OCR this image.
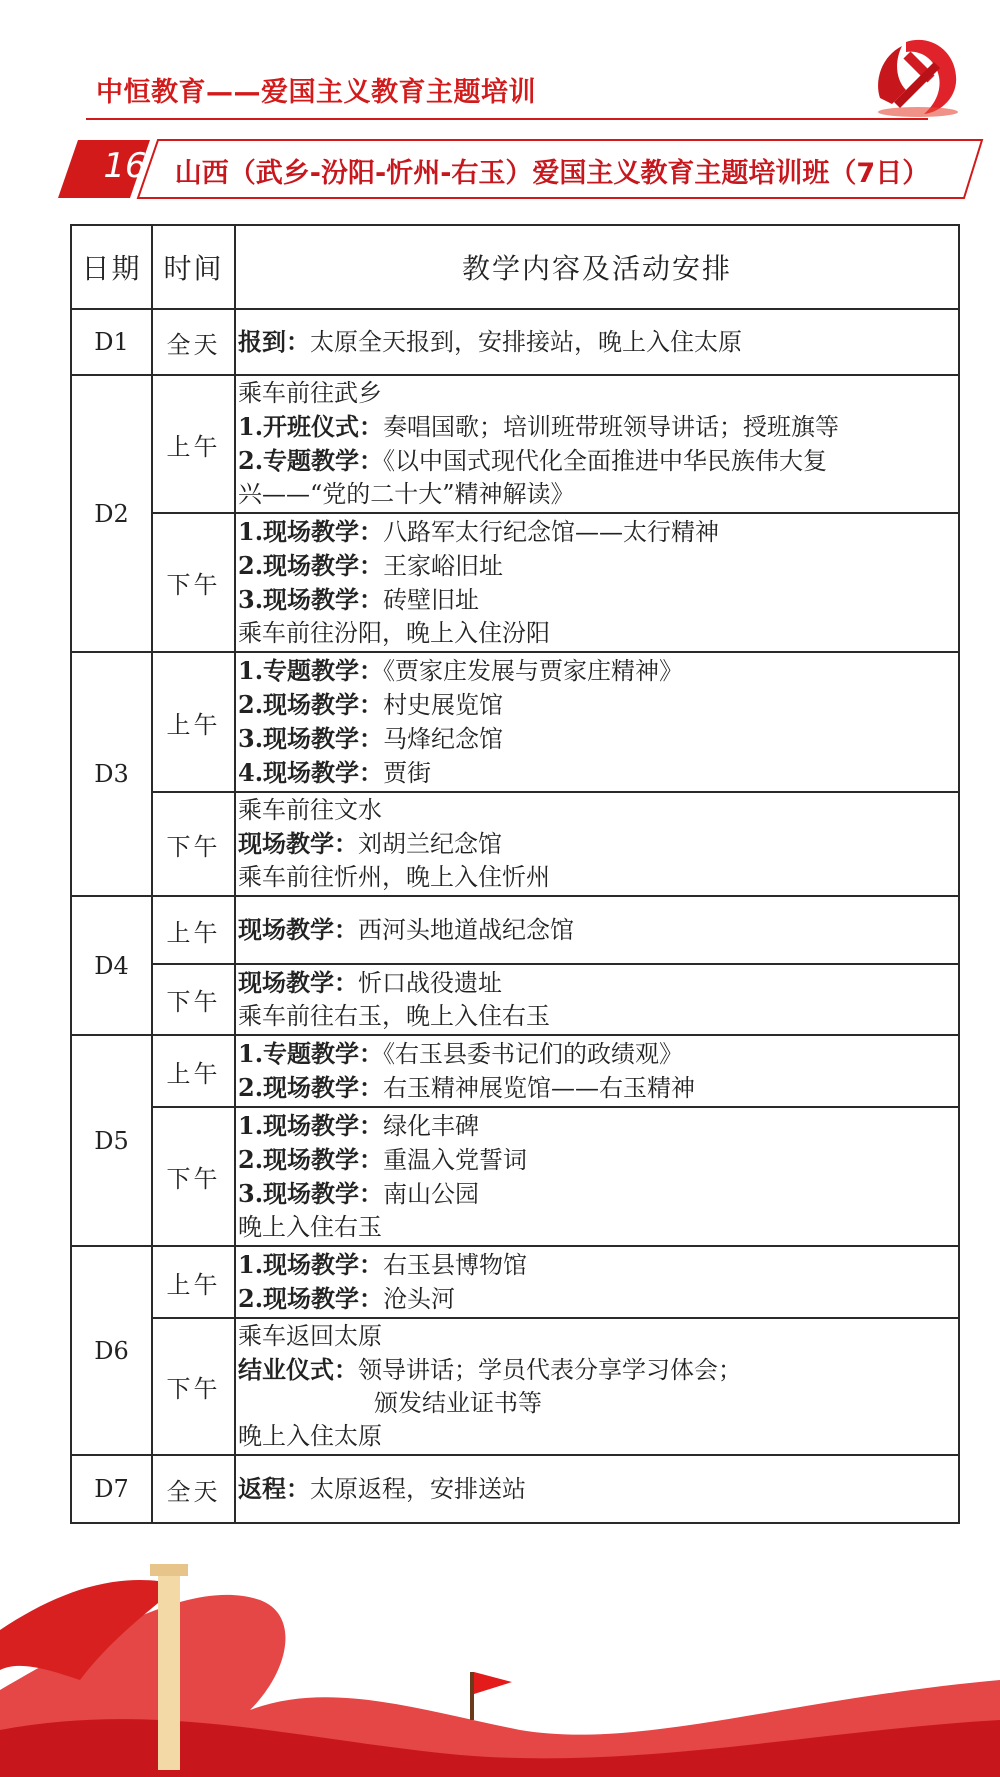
中恒教育——爱国主义教育主题培训
16	山西（武乡-汾阳-忻州-右玉）爱国主义教育主题培训班（7日）
日期	时间	教学内容及活动安排
D1	全天	报到：太原全天报到，安排接站，晚上入住太原

D2	上午	乘车前往武乡
1.开班仪式：奏唱国歌；培训班带班领导讲话；授班旗等
2.专题教学：《以中国式现代化全面推进中华民族伟大复
兴——“党的二十大”精神解读》

	下午	1.现场教学：八路军太行纪念馆——太行精神
2.现场教学：王家峪旧址
3.现场教学：砖壁旧址
乘车前往汾阳，晚上入住汾阳

D3	上午	1.专题教学：《贾家庄发展与贾家庄精神》
2.现场教学：村史展览馆
3.现场教学：马烽纪念馆
4.现场教学：贾街

	下午	乘车前往文水
现场教学：刘胡兰纪念馆
乘车前往忻州，晚上入住忻州

D4	上午	现场教学：西河头地道战纪念馆

	下午	现场教学：忻口战役遗址
乘车前往右玉，晚上入住右玉

D5	上午	1.专题教学：《右玉县委书记们的政绩观》
2.现场教学：右玉精神展览馆——右玉精神

	下午	1.现场教学：绿化丰碑
2.现场教学：重温入党誓词
3.现场教学：南山公园
晚上入住右玉

D6	上午	1.现场教学：右玉县博物馆
2.现场教学：沧头河

	下午	乘车返回太原
结业仪式：领导讲话；学员代表分享学习体会；
颁发结业证书等
晚上入住太原

D7	全天	返程：太原返程，安排送站
